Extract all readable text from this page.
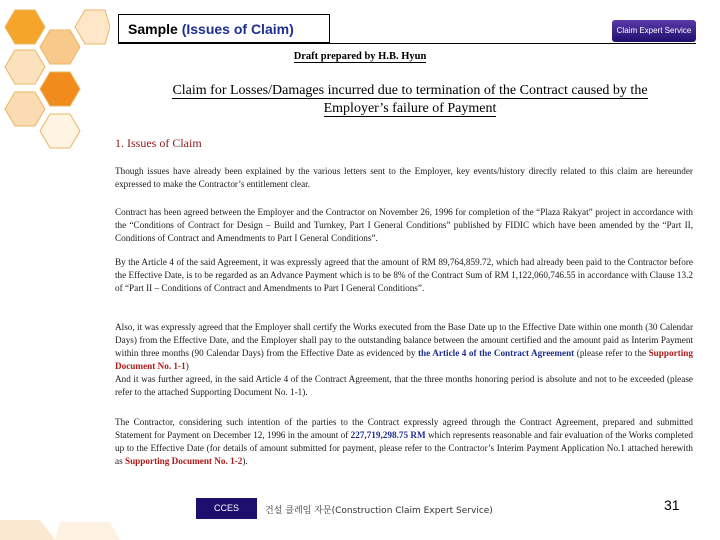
Sample (Issues of Claim)	Claim Expert Service
Draft prepared by H.B. Hyun
Claim for Losses/Damages incurred due to termination of the Contract caused by the
Employer’s failure of Payment
1. Issues of Claim
Though issues have already been explained by the various letters sent to the Employer, key events/history directly related to this claim are hereunder expressed to make the Contractor’s entitlement clear.
Contract has been agreed between the Employer and the Contractor on November 26, 1996 for completion of the “Plaza Rakyat” project in accordance with the “Conditions of Contract for Design – Build and Turnkey, Part I General Conditions” published by FIDIC which have been amended by the “Part II, Conditions of Contract and Amendments to Part I General Conditions”.
By the Article 4 of the said Agreement, it was expressly agreed that the amount of RM 89,764,859.72, which had already been paid to the Contractor before the Effective Date, is to be regarded as an Advance Payment which is to be 8% of the Contract Sum of RM 1,122,060,746.55 in accordance with Clause 13.2 of “Part II – Conditions of Contract and Amendments to Part I General Conditions”.
Also, it was expressly agreed that the Employer shall certify the Works executed from the Base Date up to the Effective Date within one month (30 Calendar Days) from the Effective Date, and the Employer shall pay to the outstanding balance between the amount certified and the amount paid as Interim Payment within three months (90 Calendar Days) from the Effective Date as evidenced by the Article 4 of the Contract Agreement (please refer to the Supporting Document No. 1-1)
And it was further agreed, in the said Article 4 of the Contract Agreement, that the three months honoring period is absolute and not to be exceeded (please refer to the attached Supporting Document No. 1-1).
The Contractor, considering such intention of the parties to the Contract expressly agreed through the Contract Agreement, prepared and submitted Statement for Payment on December 12, 1996 in the amount of 227,719,298.75 RM which represents reasonable and fair evaluation of the Works completed up to the Effective Date (for details of amount submitted for payment, please refer to the Contractor’s Interim Payment Application No.1 attached herewith as Supporting Document No. 1-2).
CCES	건설 클레임 자문(Construction Claim Expert Service)	31
